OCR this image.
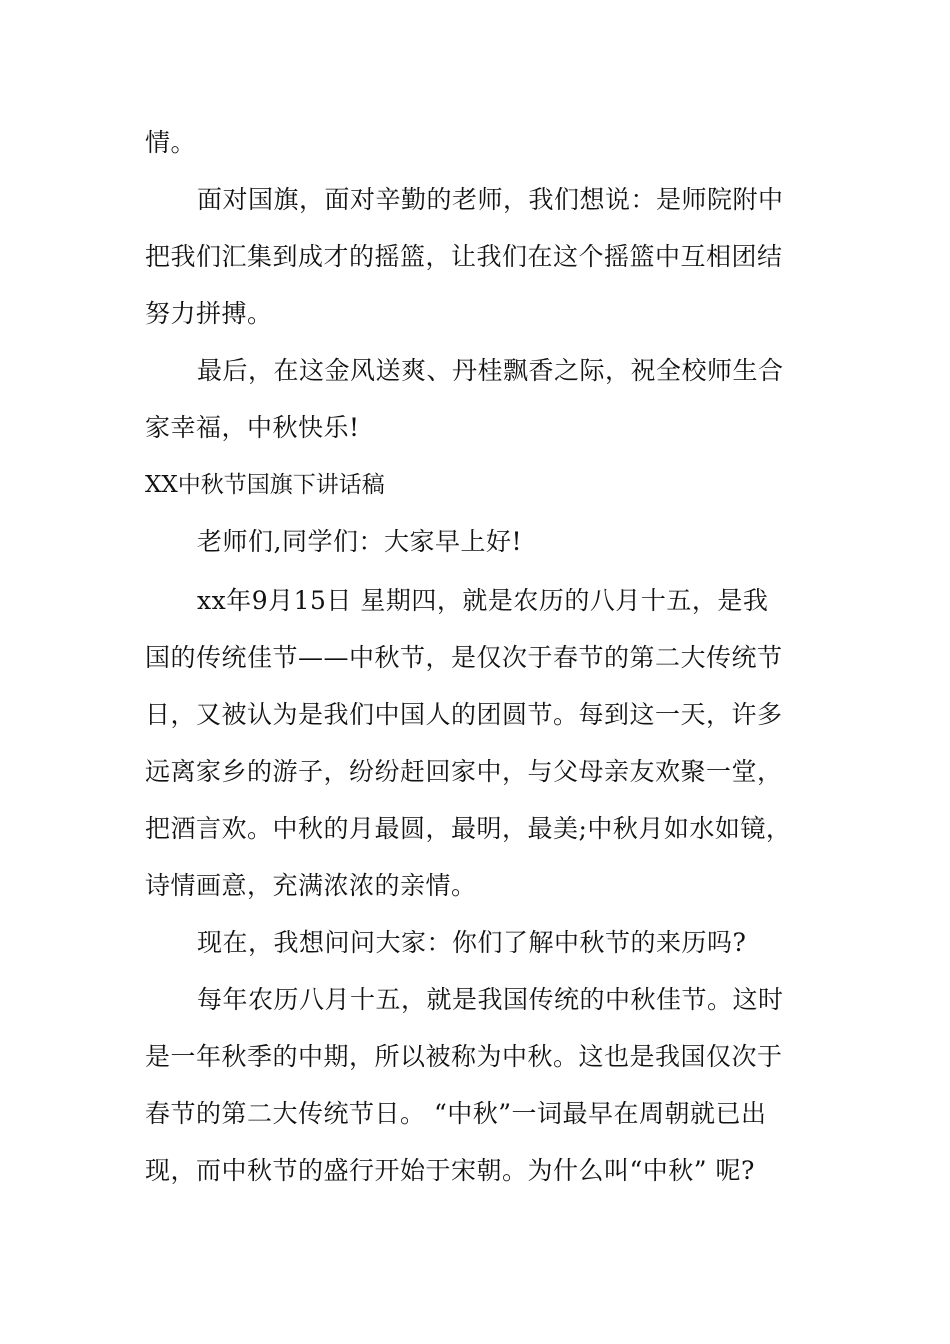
情。
面对国旗，面对辛勤的老师，我们想说：是师院附中
把我们汇集到成才的摇篮，让我们在这个摇篮中互相团结
努力拼搏。
最后，在这金风送爽、丹桂飘香之际，祝全校师生合
家幸福，中秋快乐!
XX中秋节国旗下讲话稿
老师们,同学们：大家早上好!
xx年9月15日 星期四，就是农历的八月十五，是我
国的传统佳节——中秋节，是仅次于春节的第二大传统节
日，又被认为是我们中国人的团圆节。每到这一天，许多
远离家乡的游子，纷纷赶回家中，与父母亲友欢聚一堂，
把酒言欢。中秋的月最圆，最明，最美;中秋月如水如镜，
诗情画意，充满浓浓的亲情。
现在，我想问问大家：你们了解中秋节的来历吗?
每年农历八月十五，就是我国传统的中秋佳节。这时
是一年秋季的中期，所以被称为中秋。这也是我国仅次于
春节的第二大传统节日。 “中秋”一词最早在周朝就已出
现，而中秋节的盛行开始于宋朝。为什么叫“中秋” 呢?
